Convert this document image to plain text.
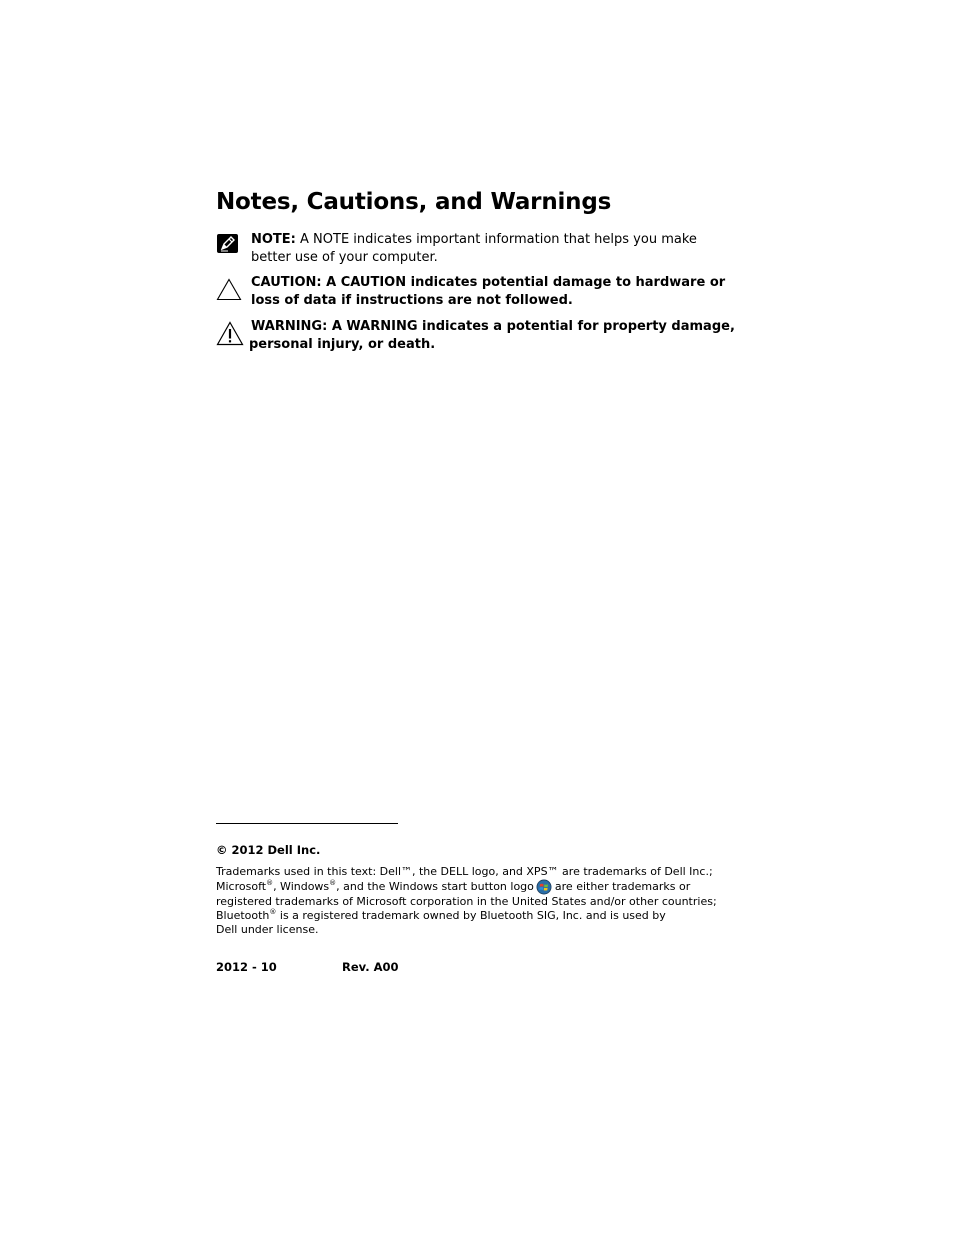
Notes, Cautions, and Warnings

NOTE: A NOTE indicates important information that helps you make better use of your computer.

CAUTION: A CAUTION indicates potential damage to hardware or loss of data if instructions are not followed.

WARNING: A WARNING indicates a potential for property damage,
personal injury, or death.

© 2012 Dell Inc.

Trademarks used in this text: Dell™, the DELL logo, and XPS™ are trademarks of Dell Inc.;
Microsoft®, Windows®, and the Windows start button logo are either trademarks or
registered trademarks of Microsoft corporation in the United States and/or other countries;
Bluetooth® is a registered trademark owned by Bluetooth SIG, Inc. and is used by
Dell under license.

2012 - 10	Rev. A00
